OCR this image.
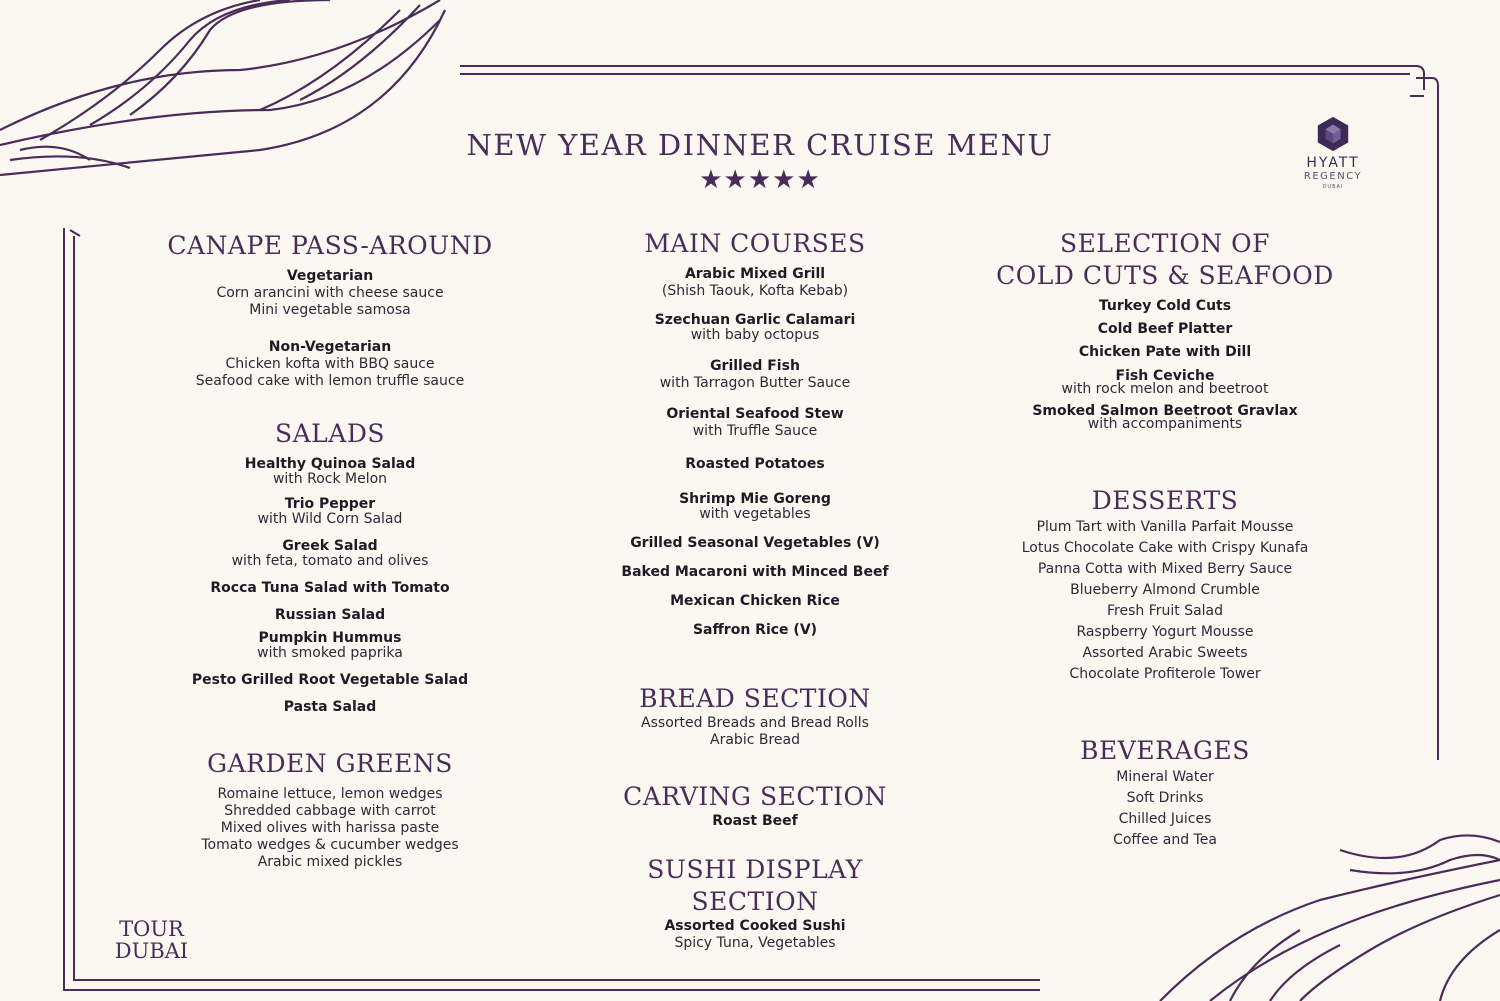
NEW YEAR DINNER CRUISE MENU
★★★★★
HYATT
REGENCY
DUBAI
CANAPE PASS-AROUND
Vegetarian
Corn arancini with cheese sauce
Mini vegetable samosa
Non-Vegetarian
Chicken kofta with BBQ sauce
Seafood cake with lemon truffle sauce
SALADS
Healthy Quinoa Salad
with Rock Melon
Trio Pepper
with Wild Corn Salad
Greek Salad
with feta, tomato and olives
Rocca Tuna Salad with Tomato
Russian Salad
Pumpkin Hummus
with smoked paprika
Pesto Grilled Root Vegetable Salad
Pasta Salad
GARDEN GREENS
Romaine lettuce, lemon wedges
Shredded cabbage with carrot
Mixed olives with harissa paste
Tomato wedges & cucumber wedges
Arabic mixed pickles
MAIN COURSES
Arabic Mixed Grill
(Shish Taouk, Kofta Kebab)
Szechuan Garlic Calamari
with baby octopus
Grilled Fish
with Tarragon Butter Sauce
Oriental Seafood Stew
with Truffle Sauce
Roasted Potatoes
Shrimp Mie Goreng
with vegetables
Grilled Seasonal Vegetables (V)
Baked Macaroni with Minced Beef
Mexican Chicken Rice
Saffron Rice (V)
BREAD SECTION
Assorted Breads and Bread Rolls
Arabic Bread
CARVING SECTION
Roast Beef
SUSHI DISPLAY SECTION
Assorted Cooked Sushi
Spicy Tuna, Vegetables
SELECTION OF
COLD CUTS & SEAFOOD
Turkey Cold Cuts
Cold Beef Platter
Chicken Pate with Dill
Fish Ceviche
with rock melon and beetroot
Smoked Salmon Beetroot Gravlax
with accompaniments
DESSERTS
Plum Tart with Vanilla Parfait Mousse
Lotus Chocolate Cake with Crispy Kunafa
Panna Cotta with Mixed Berry Sauce
Blueberry Almond Crumble
Fresh Fruit Salad
Raspberry Yogurt Mousse
Assorted Arabic Sweets
Chocolate Profiterole Tower
BEVERAGES
Mineral Water
Soft Drinks
Chilled Juices
Coffee and Tea
TOUR
DUBAI
